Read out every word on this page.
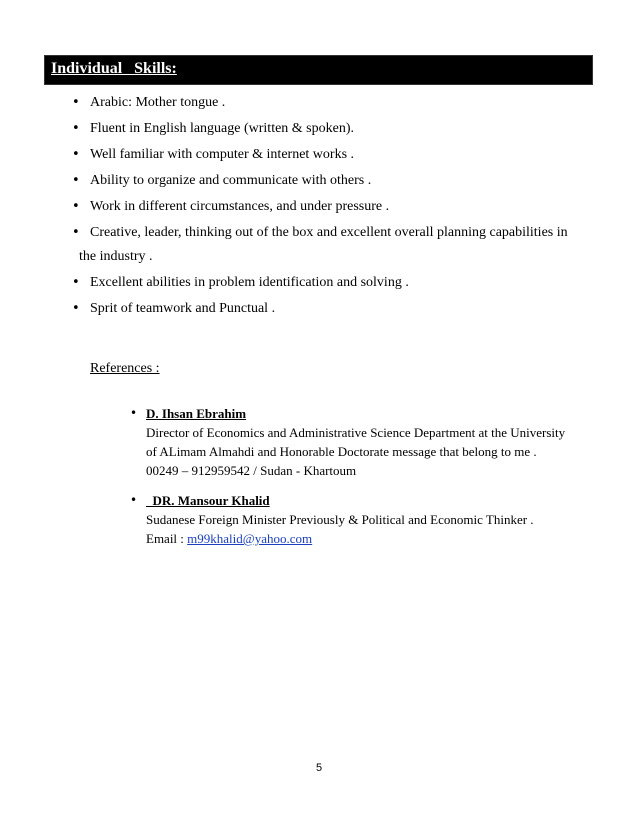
Individual   Skills:
• Arabic: Mother tongue .
• Fluent in English language (written & spoken).
• Well familiar with computer & internet works .
• Ability to organize and communicate with others .
• Work in different circumstances, and under pressure .
• Creative, leader, thinking out of the box and excellent overall planning capabilities in
the industry .
• Excellent abilities in problem identification and solving .
• Sprit of teamwork and Punctual .
References :
• D. Ihsan Ebrahim
Director of Economics and Administrative Science Department at the University
of ALimam Almahdi and Honorable Doctorate message that belong to me .
00249 – 912959542 / Sudan - Khartoum
• DR. Mansour Khalid
Sudanese Foreign Minister Previously & Political and Economic Thinker .
Email : m99khalid@yahoo.com
5
